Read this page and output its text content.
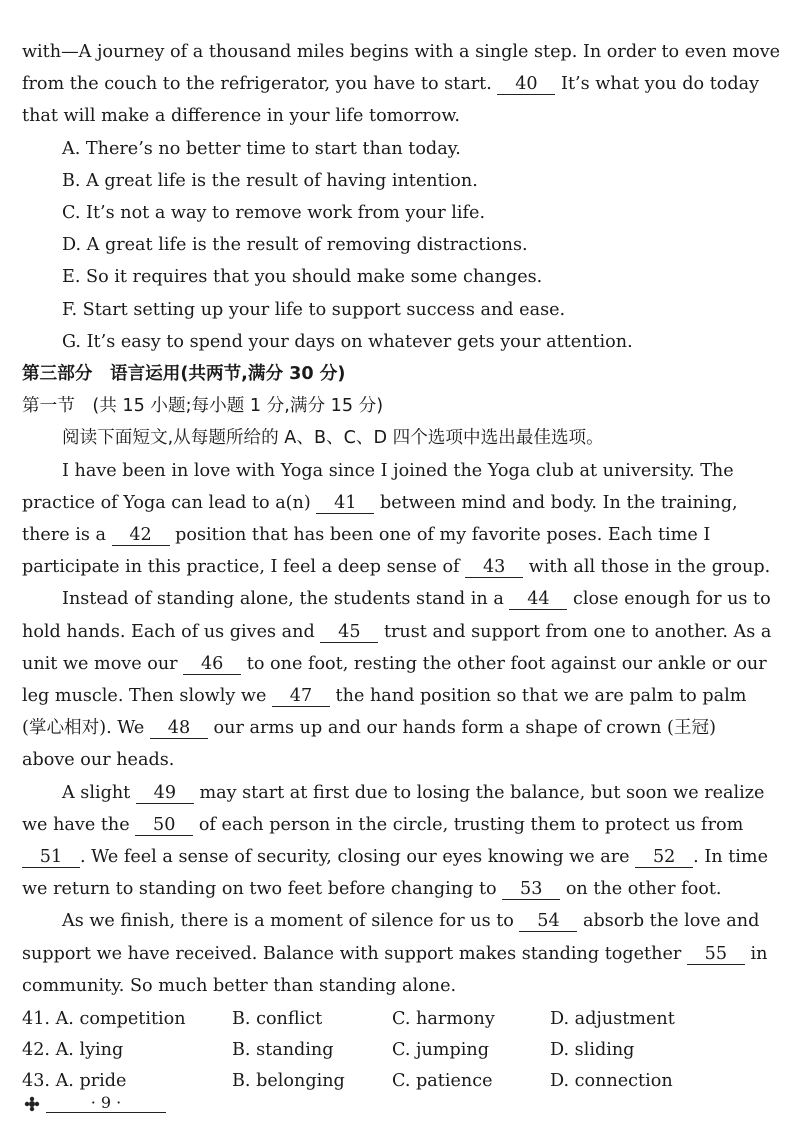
with—A journey of a thousand miles begins with a single step. In order to even move
from the couch to the refrigerator, you have to start. 40 It’s what you do today
that will make a difference in your life tomorrow.
A. There’s no better time to start than today.
B. A great life is the result of having intention.
C. It’s not a way to remove work from your life.
D. A great life is the result of removing distractions.
E. So it requires that you should make some changes.
F. Start setting up your life to support success and ease.
G. It’s easy to spend your days on whatever gets your attention.
第三部分　语言运用(共两节,满分 30 分)
第一节　(共 15 小题;每小题 1 分,满分 15 分)
阅读下面短文,从每题所给的 A、B、C、D 四个选项中选出最佳选项。
I have been in love with Yoga since I joined the Yoga club at university. The
practice of Yoga can lead to a(n) 41 between mind and body. In the training,
there is a 42 position that has been one of my favorite poses. Each time I
participate in this practice, I feel a deep sense of 43 with all those in the group.
Instead of standing alone, the students stand in a 44 close enough for us to
hold hands. Each of us gives and 45 trust and support from one to another. As a
unit we move our 46 to one foot, resting the other foot against our ankle or our
leg muscle. Then slowly we 47 the hand position so that we are palm to palm
(掌心相对). We 48 our arms up and our hands form a shape of crown (王冠)
above our heads.
A slight 49 may start at first due to losing the balance, but soon we realize
we have the 50 of each person in the circle, trusting them to protect us from
51 . We feel a sense of security, closing our eyes knowing we are 52 . In time
we return to standing on two feet before changing to 53 on the other foot.
As we finish, there is a moment of silence for us to 54 absorb the love and
support we have received. Balance with support makes standing together 55 in
community. So much better than standing alone.
41. A. competition	B. conflict	C. harmony	D. adjustment
42. A. lying	B. standing	C. jumping	D. sliding
43. A. pride	B. belonging	C. patience	D. connection
· 9 ·
